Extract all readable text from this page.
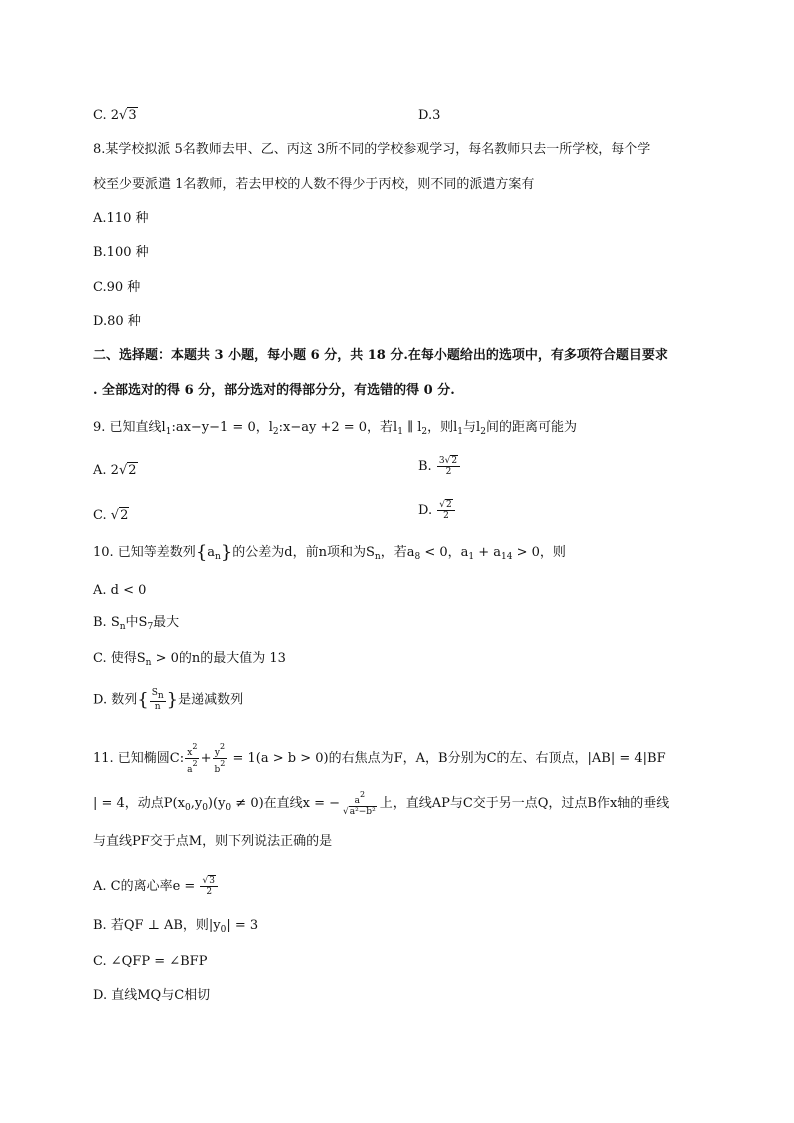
C. 2√3	D.3
8.某学校拟派 5名教师去甲、乙、丙这 3所不同的学校参观学习，每名教师只去一所学校，每个学
校至少要派遣 1名教师，若去甲校的人数不得少于丙校，则不同的派遣方案有
A.110 种
B.100 种
C.90 种
D.80 种
二、选择题：本题共 3 小题，每小题 6 分，共 18 分.在每小题给出的选项中，有多项符合题目要求
. 全部选对的得 6 分，部分选对的得部分分，有选错的得 0 分.
9. 已知直线$l_1:ax-y-1 = 0$，$l_2:x-ay +2 = 0$，若$l_1$ ∥ $l_2$，则$l_1$与$l_2$间的距离可能为
A. 2√2	B. $\frac{3√2}{2}$
C. √2	D. $\frac{√2}{2}$
10. 已知等差数列$\{a_n\}$的公差为d，前n项和为$S_n$，若$a_8 < 0$，$a_1 + a_{14} > 0$，则
A. d < 0
B. $S_n$中$S_7$最大
C. 使得$S_n > 0$的n的最大值为 13
D. 数列{ $\frac{Sn}{n}$ }是递减数列
11. 已知椭圆C: $\frac{x2}{a2} + \frac{y2}{b2} = 1(a > b > 0)$的右焦点为F，A，B分别为C的左、右顶点，|AB| = 4|BF
| = 4，动点$P(x_0,y_0)(y_0 \ne 0)$在直线x = − $\frac{a2}{\text{√a²−b²}}$ 上，直线AP与C交于另一点Q，过点B作x轴的垂线
与直线PF交于点M，则下列说法正确的是
A. C的离心率$e = \frac{√3}{2}$
B. 若QF ⊥ AB，则$|y_0| = 3$
C. ∠QFP = ∠BFP
D. 直线MQ与C相切
